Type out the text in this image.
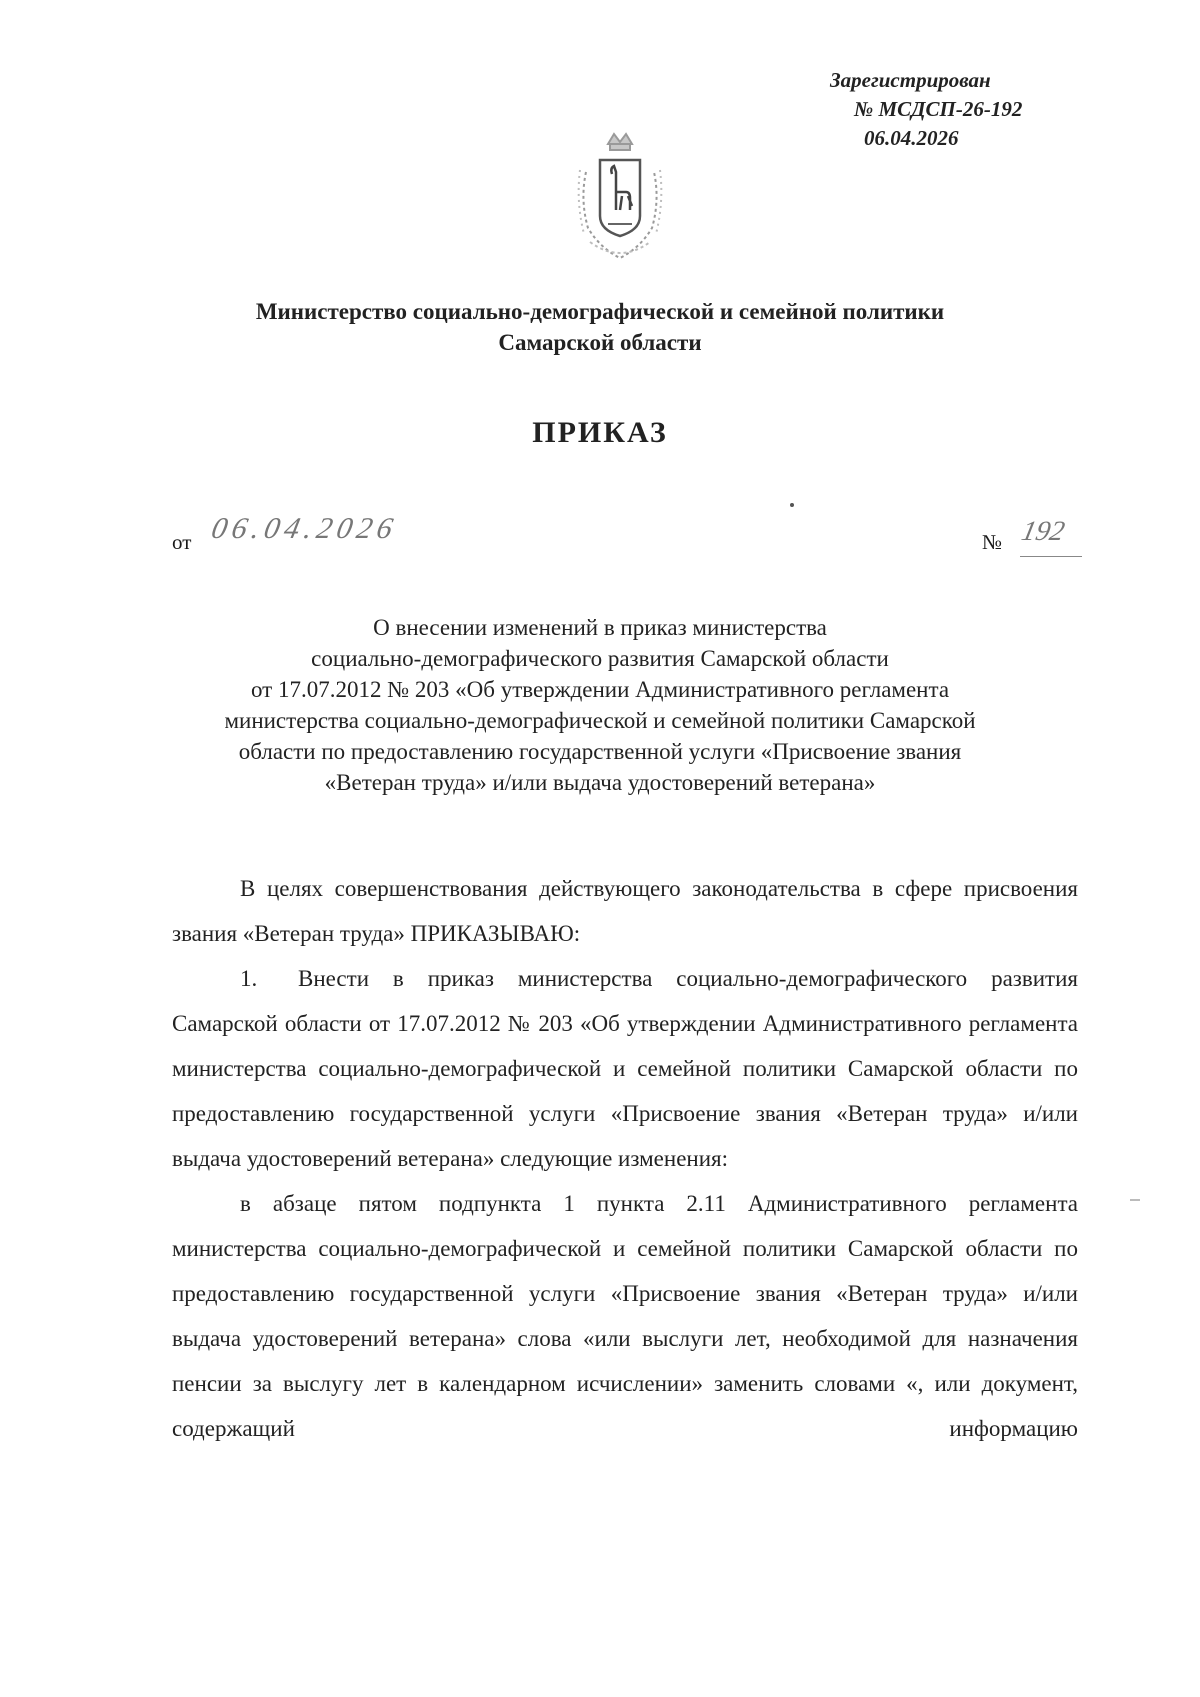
Зарегистрирован
№ МСДСП-26-192
06.04.2026
Министерство социально-демографической и семейной политики
Самарской области
ПРИКАЗ
от 06.04.2026	№ 192
О внесении изменений в приказ министерства
социально-демографического развития Самарской области
от 17.07.2012 № 203 «Об утверждении Административного регламента
министерства социально-демографической и семейной политики Самарской
области по предоставлению государственной услуги «Присвоение звания
«Ветеран труда» и/или выдача удостоверений ветерана»

В целях совершенствования действующего законодательства в сфере присвоения звания «Ветеран труда» ПРИКАЗЫВАЮ:

1. Внести в приказ министерства социально-демографического развития Самарской области от 17.07.2012 № 203 «Об утверждении Административного регламента министерства социально-демографической и семейной политики Самарской области по предоставлению государственной услуги «Присвоение звания «Ветеран труда» и/или выдача удостоверений ветерана» следующие изменения:

в абзаце пятом подпункта 1 пункта 2.11 Административного регламента министерства социально-демографической и семейной политики Самарской области по предоставлению государственной услуги «Присвоение звания «Ветеран труда» и/или выдача удостоверений ветерана» слова «или выслуги лет, необходимой для назначения пенсии за выслугу лет в календарном исчислении» заменить словами «, или документ, содержащий информацию
